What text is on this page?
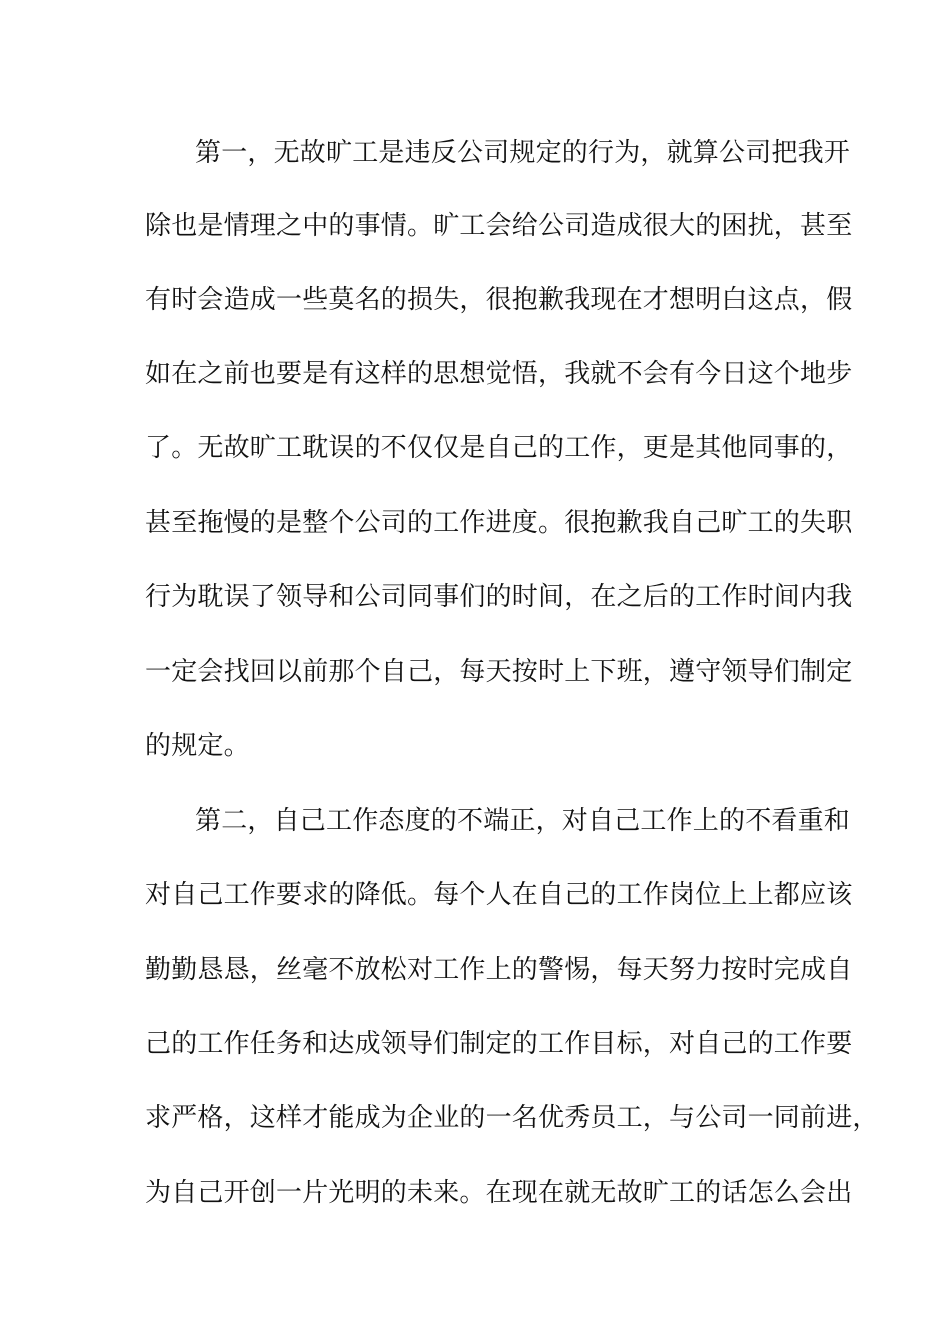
第一，无故旷工是违反公司规定的行为，就算公司把我开
除也是情理之中的事情。旷工会给公司造成很大的困扰，甚至
有时会造成一些莫名的损失，很抱歉我现在才想明白这点，假
如在之前也要是有这样的思想觉悟，我就不会有今日这个地步
了。无故旷工耽误的不仅仅是自己的工作，更是其他同事的，
甚至拖慢的是整个公司的工作进度。很抱歉我自己旷工的失职
行为耽误了领导和公司同事们的时间，在之后的工作时间内我
一定会找回以前那个自己，每天按时上下班，遵守领导们制定
的规定。
第二，自己工作态度的不端正，对自己工作上的不看重和
对自己工作要求的降低。每个人在自己的工作岗位上上都应该
勤勤恳恳，丝毫不放松对工作上的警惕，每天努力按时完成自
己的工作任务和达成领导们制定的工作目标，对自己的工作要
求严格，这样才能成为企业的一名优秀员工，与公司一同前进，
为自己开创一片光明的未来。在现在就无故旷工的话怎么会出
